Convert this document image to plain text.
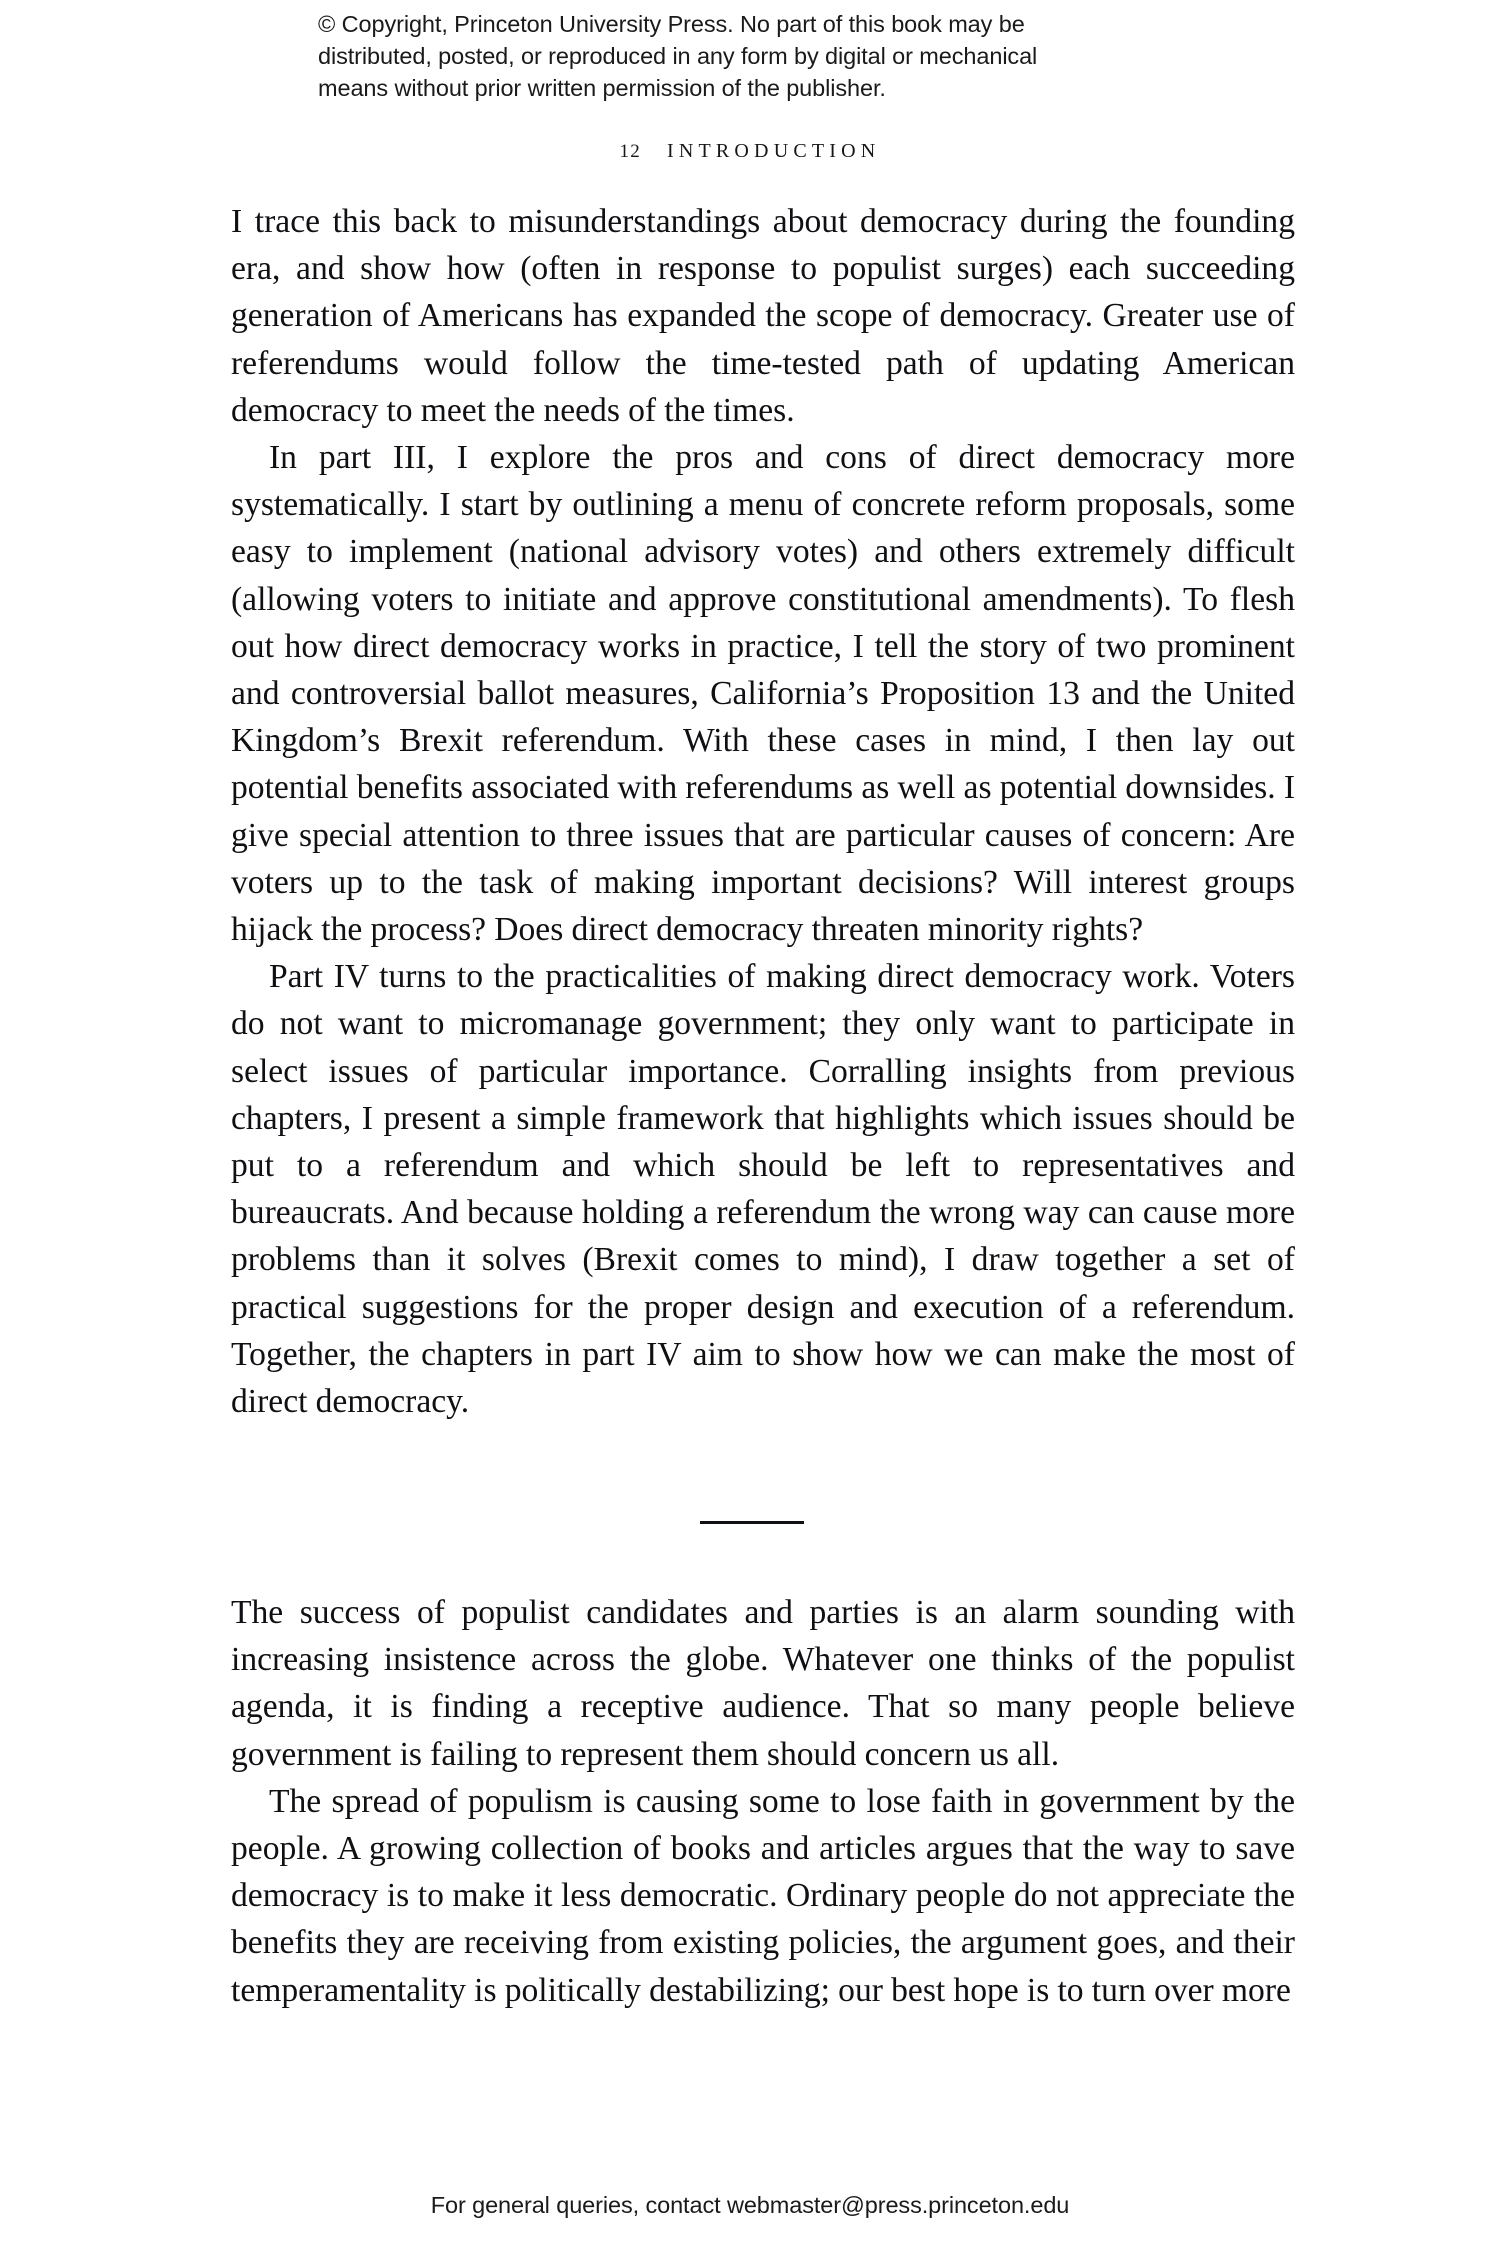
© Copyright, Princeton University Press. No part of this book may be
distributed, posted, or reproduced in any form by digital or mechanical
means without prior written permission of the publisher.
12 INTRODUCTION

I trace this back to misunderstandings about democracy during the founding era, and show how (often in response to populist surges) each succeeding generation of Americans has expanded the scope of democracy. Greater use of referendums would follow the time-tested path of updating American democracy to meet the needs of the times.

In part III, I explore the pros and cons of direct democracy more systematically. I start by outlining a menu of concrete reform proposals, some easy to implement (national advisory votes) and others extremely difficult (allowing voters to initiate and approve constitutional amendments). To flesh out how direct democracy works in practice, I tell the story of two prominent and controversial ballot measures, California’s Proposition 13 and the United Kingdom’s Brexit referendum. With these cases in mind, I then lay out potential benefits associated with referendums as well as potential downsides. I give special attention to three issues that are particular causes of concern: Are voters up to the task of making important decisions? Will interest groups hijack the process? Does direct democracy threaten minority rights?

Part IV turns to the practicalities of making direct democracy work. Voters do not want to micromanage government; they only want to participate in select issues of particular importance. Corralling insights from previous chapters, I present a simple framework that highlights which issues should be put to a referendum and which should be left to representatives and bureaucrats. And because holding a referendum the wrong way can cause more problems than it solves (Brexit comes to mind), I draw together a set of practical suggestions for the proper design and execution of a referendum. Together, the chapters in part IV aim to show how we can make the most of direct democracy.

The success of populist candidates and parties is an alarm sounding with increasing insistence across the globe. Whatever one thinks of the populist agenda, it is finding a receptive audience. That so many people believe government is failing to represent them should concern us all.

The spread of populism is causing some to lose faith in government by the people. A growing collection of books and articles argues that the way to save democracy is to make it less democratic. Ordinary people do not appreciate the benefits they are receiving from existing policies, the argument goes, and their temperamentality is politically destabilizing; our best hope is to turn over more

For general queries, contact webmaster@press.princeton.edu
